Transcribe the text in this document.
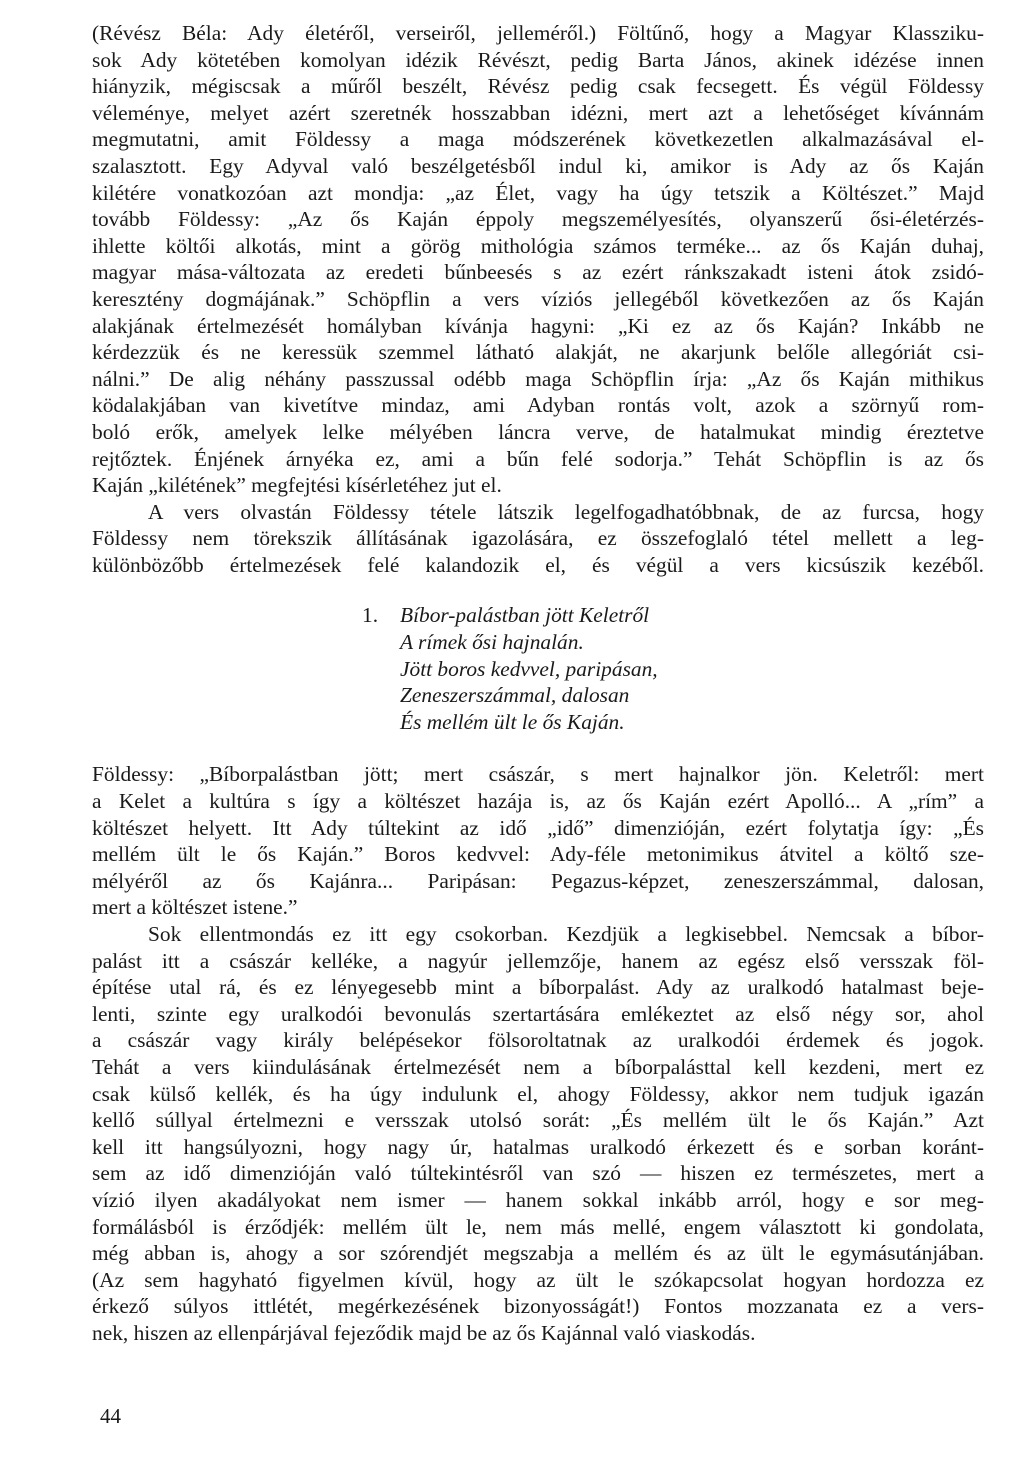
(Révész Béla: Ady életéről, verseiről, jelleméről.) Föltűnő, hogy a Magyar Klassziku-
sok Ady kötetében komolyan idézik Révészt, pedig Barta János, akinek idézése innen
hiányzik, mégiscsak a műről beszélt, Révész pedig csak fecsegett. És végül Földessy
véleménye, melyet azért szeretnék hosszabban idézni, mert azt a lehetőséget kívánnám
megmutatni, amit Földessy a maga módszerének következetlen alkalmazásával el-
szalasztott. Egy Adyval való beszélgetésből indul ki, amikor is Ady az ős Kaján
kilétére vonatkozóan azt mondja: „az Élet, vagy ha úgy tetszik a Költészet.” Majd
tovább Földessy: „Az ős Kaján éppoly megszemélyesítés, olyanszerű ősi-életérzés-
ihlette költői alkotás, mint a görög mithológia számos terméke... az ős Kaján duhaj,
magyar mása-változata az eredeti bűnbeesés s az ezért ránkszakadt isteni átok zsidó-
keresztény dogmájának.” Schöpflin a vers víziós jellegéből következően az ős Kaján
alakjának értelmezését homályban kívánja hagyni: „Ki ez az ős Kaján? Inkább ne
kérdezzük és ne keressük szemmel látható alakját, ne akarjunk belőle allegóriát csi-
nálni.” De alig néhány passzussal odébb maga Schöpflin írja: „Az ős Kaján mithikus
ködalakjában van kivetítve mindaz, ami Adyban rontás volt, azok a szörnyű rom-
boló erők, amelyek lelke mélyében láncra verve, de hatalmukat mindig éreztetve
rejtőztek. Énjének árnyéka ez, ami a bűn felé sodorja.” Tehát Schöpflin is az ős
Kaján „kilétének” megfejtési kísérletéhez jut el.

A vers olvastán Földessy tétele látszik legelfogadhatóbbnak, de az furcsa, hogy
Földessy nem törekszik állításának igazolására, ez összefoglaló tétel mellett a leg-
különbözőbb értelmezések felé kalandozik el, és végül a vers kicsúszik kezéből.

1. Bíbor-palástban jött Keletről
A rímek ősi hajnalán.
Jött boros kedvvel, paripásan,
Zeneszerszámmal, dalosan
És mellém ült le ős Kaján.

Földessy: „Bíborpalástban jött; mert császár, s mert hajnalkor jön. Keletről: mert
a Kelet a kultúra s így a költészet hazája is, az ős Kaján ezért Apolló... A „rím” a
költészet helyett. Itt Ady túltekint az idő „idő” dimenzióján, ezért folytatja így: „És
mellém ült le ős Kaján.” Boros kedvvel: Ady-féle metonimikus átvitel a költő sze-
mélyéről az ős Kajánra... Paripásan: Pegazus-képzet, zeneszerszámmal, dalosan,
mert a költészet istene.”

Sok ellentmondás ez itt egy csokorban. Kezdjük a legkisebbel. Nemcsak a bíbor-
palást itt a császár kelléke, a nagyúr jellemzője, hanem az egész első versszak föl-
építése utal rá, és ez lényegesebb mint a bíborpalást. Ady az uralkodó hatalmast beje-
lenti, szinte egy uralkodói bevonulás szertartására emlékeztet az első négy sor, ahol
a császár vagy király belépésekor fölsoroltatnak az uralkodói érdemek és jogok.
Tehát a vers kiindulásának értelmezését nem a bíborpalásttal kell kezdeni, mert ez
csak külső kellék, és ha úgy indulunk el, ahogy Földessy, akkor nem tudjuk igazán
kellő súllyal értelmezni e versszak utolsó sorát: „És mellém ült le ős Kaján.” Azt
kell itt hangsúlyozni, hogy nagy úr, hatalmas uralkodó érkezett és e sorban koránt-
sem az idő dimenzióján való túltekintésről van szó — hiszen ez természetes, mert a
vízió ilyen akadályokat nem ismer — hanem sokkal inkább arról, hogy e sor meg-
formálásból is érződjék: mellém ült le, nem más mellé, engem választott ki gondolata,
még abban is, ahogy a sor szórendjét megszabja a mellém és az ült le egymásutánjában.
(Az sem hagyható figyelmen kívül, hogy az ült le szókapcsolat hogyan hordozza ez
érkező súlyos ittlétét, megérkezésének bizonyosságát!) Fontos mozzanata ez a vers-
nek, hiszen az ellenpárjával fejeződik majd be az ős Kajánnal való viaskodás.

44
